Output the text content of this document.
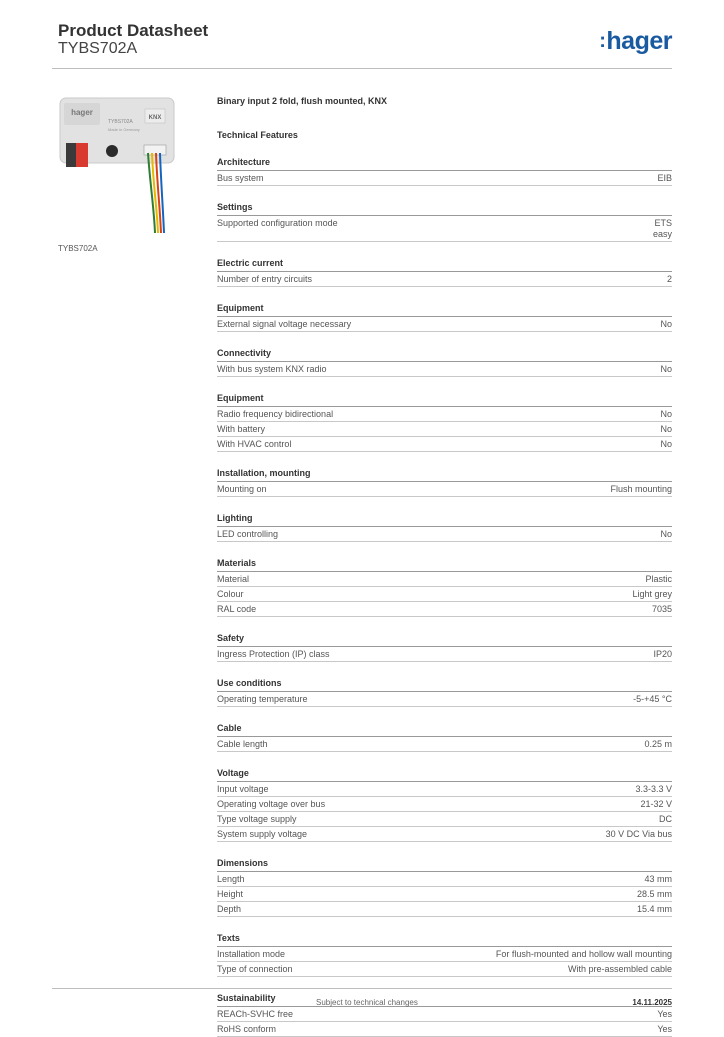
Product Datasheet
TYBS702A	:hager
hager
TYBS702A
Made in Germany
KNX
TYBS702A
Binary input 2 fold, flush mounted, KNX
Technical Features
Architecture
Bus system	EIB
Settings
Supported configuration mode	ETS
easy
Electric current
Number of entry circuits	2
Equipment
External signal voltage necessary	No
Connectivity
With bus system KNX radio	No
Equipment
Radio frequency bidirectional	No
With battery	No
With HVAC control	No
Installation, mounting
Mounting on	Flush mounting
Lighting
LED controlling	No
Materials
Material	Plastic
Colour	Light grey
RAL code	7035
Safety
Ingress Protection (IP) class	IP20
Use conditions
Operating temperature	-5-+45 °C
Cable
Cable length	0.25 m
Voltage
Input voltage	3.3-3.3 V
Operating voltage over bus	21-32 V
Type voltage supply	DC
System supply voltage	30 V DC Via bus
Dimensions
Length	43 mm
Height	28.5 mm
Depth	15.4 mm
Texts
Installation mode	For flush-mounted and hollow wall mounting
Type of connection	With pre-assembled cable
Sustainability
REACh-SVHC free	Yes
RoHS conform	Yes
Subject to technical changes	14.11.2025
